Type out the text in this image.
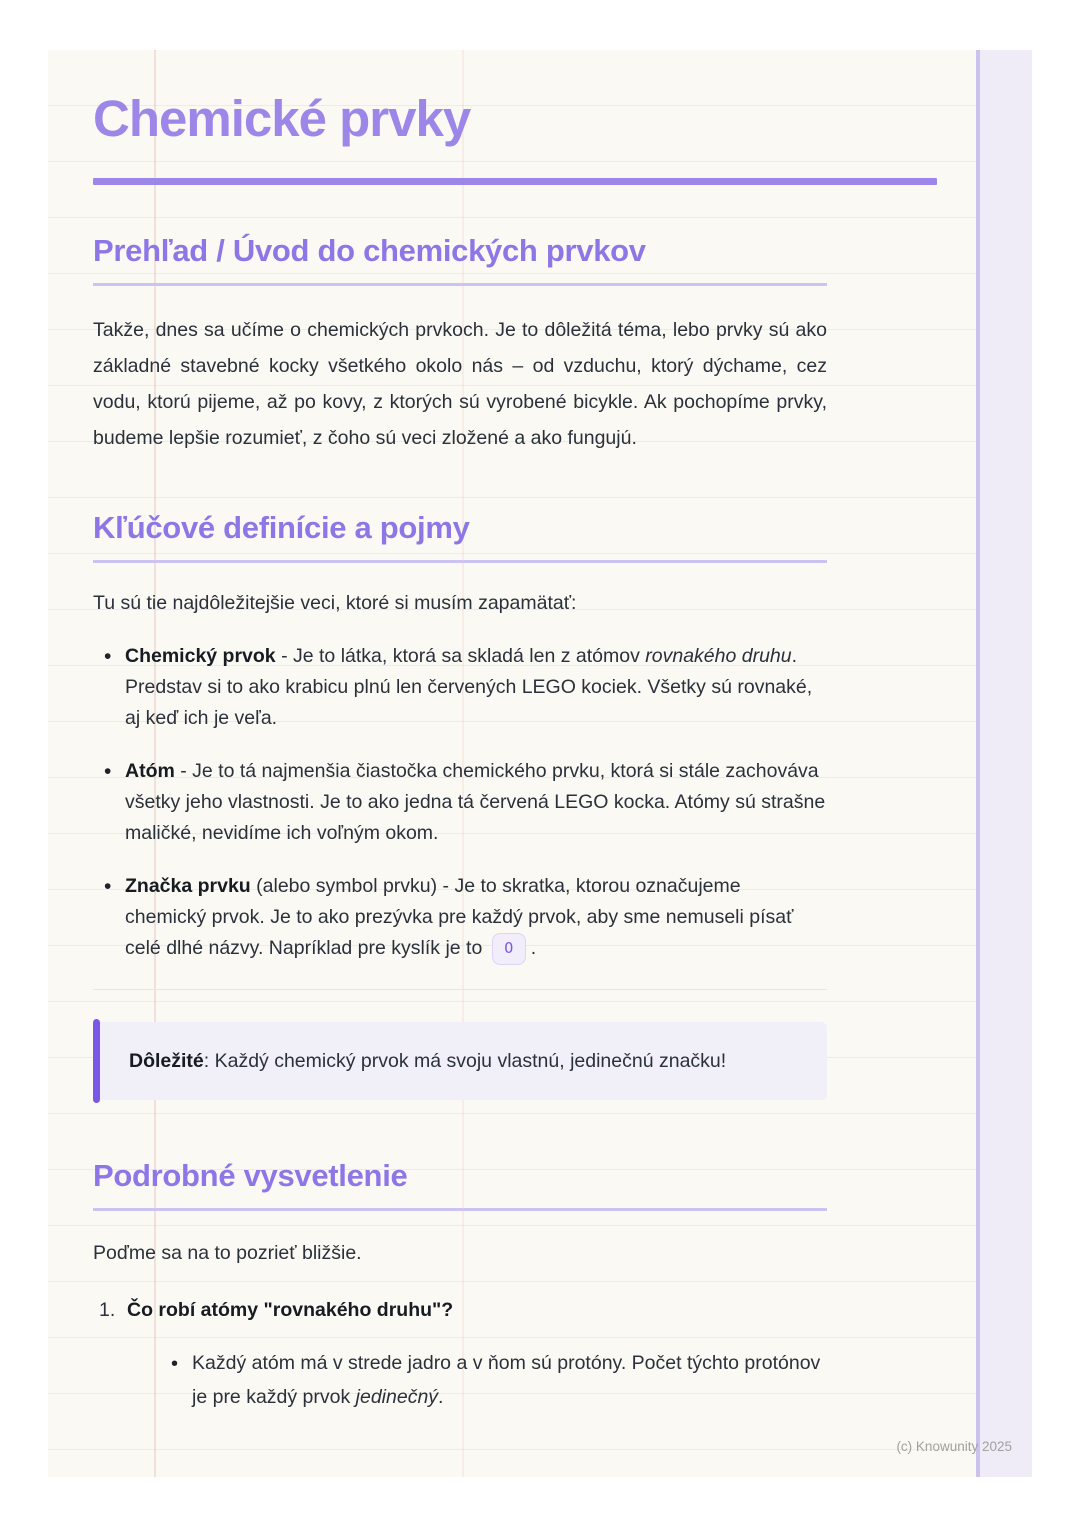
Chemické prvky
Prehľad / Úvod do chemických prvkov

Takže, dnes sa učíme o chemických prvkoch. Je to dôležitá téma, lebo prvky sú ako základné stavebné kocky všetkého okolo nás – od vzduchu, ktorý dýchame, cez vodu, ktorú pijeme, až po kovy, z ktorých sú vyrobené bicykle. Ak pochopíme prvky, budeme lepšie rozumieť, z čoho sú veci zložené a ako fungujú.

Kľúčové definície a pojmy

Tu sú tie najdôležitejšie veci, ktoré si musím zapamätať:

• Chemický prvok - Je to látka, ktorá sa skladá len z atómov rovnakého druhu. Predstav si to ako krabicu plnú len červených LEGO kociek. Všetky sú rovnaké, aj keď ich je veľa.
• Atóm - Je to tá najmenšia čiastočka chemického prvku, ktorá si stále zachováva všetky jeho vlastnosti. Je to ako jedna tá červená LEGO kocka. Atómy sú strašne maličké, nevidíme ich voľným okom.
• Značka prvku (alebo symbol prvku) - Je to skratka, ktorou označujeme chemický prvok. Je to ako prezývka pre každý prvok, aby sme nemuseli písať celé dlhé názvy. Napríklad pre kyslík je to O .
Dôležité: Každý chemický prvok má svoju vlastnú, jedinečnú značku!
Podrobné vysvetlenie

Poďme sa na to pozrieť bližšie.

1. Čo robí atómy "rovnakého druhu"?
• Každý atóm má v strede jadro a v ňom sú protóny. Počet týchto protónov je pre každý prvok jedinečný.
(c) Knowunity 2025
